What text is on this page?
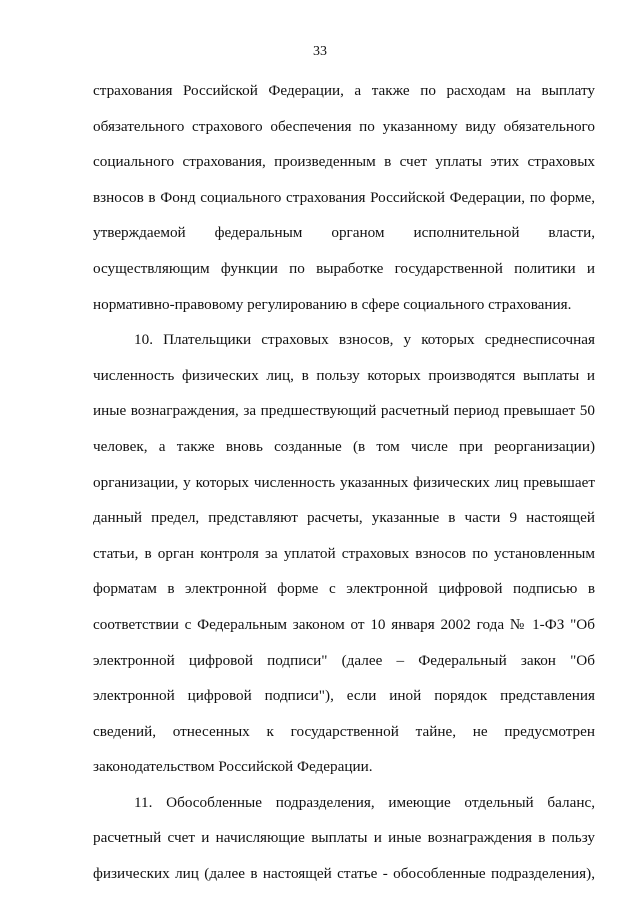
33
страхования Российской Федерации, а также по расходам на выплату
обязательного страхового обеспечения по указанному виду обязательного
социального страхования, произведенным в счет уплаты этих страховых
взносов в Фонд социального страхования Российской Федерации, по форме,
утверждаемой федеральным органом исполнительной власти,
осуществляющим функции по выработке государственной политики и
нормативно-правовому регулированию в сфере социального страхования.
10. Плательщики страховых взносов, у которых среднесписочная
численность физических лиц, в пользу которых производятся выплаты и
иные вознаграждения, за предшествующий расчетный период превышает 50
человек, а также вновь созданные (в том числе при реорганизации)
организации, у которых численность указанных физических лиц превышает
данный предел, представляют расчеты, указанные в части 9 настоящей
статьи, в орган контроля за уплатой страховых взносов по установленным
форматам в электронной форме с электронной цифровой подписью в
соответствии с Федеральным законом от 10 января 2002 года № 1-ФЗ "Об
электронной цифровой подписи" (далее – Федеральный закон "Об
электронной цифровой подписи"), если иной порядок представления
сведений, отнесенных к государственной тайне, не предусмотрен
законодательством Российской Федерации.
11. Обособленные подразделения, имеющие отдельный баланс,
расчетный счет и начисляющие выплаты и иные вознаграждения в пользу
физических лиц (далее в настоящей статье - обособленные подразделения),
